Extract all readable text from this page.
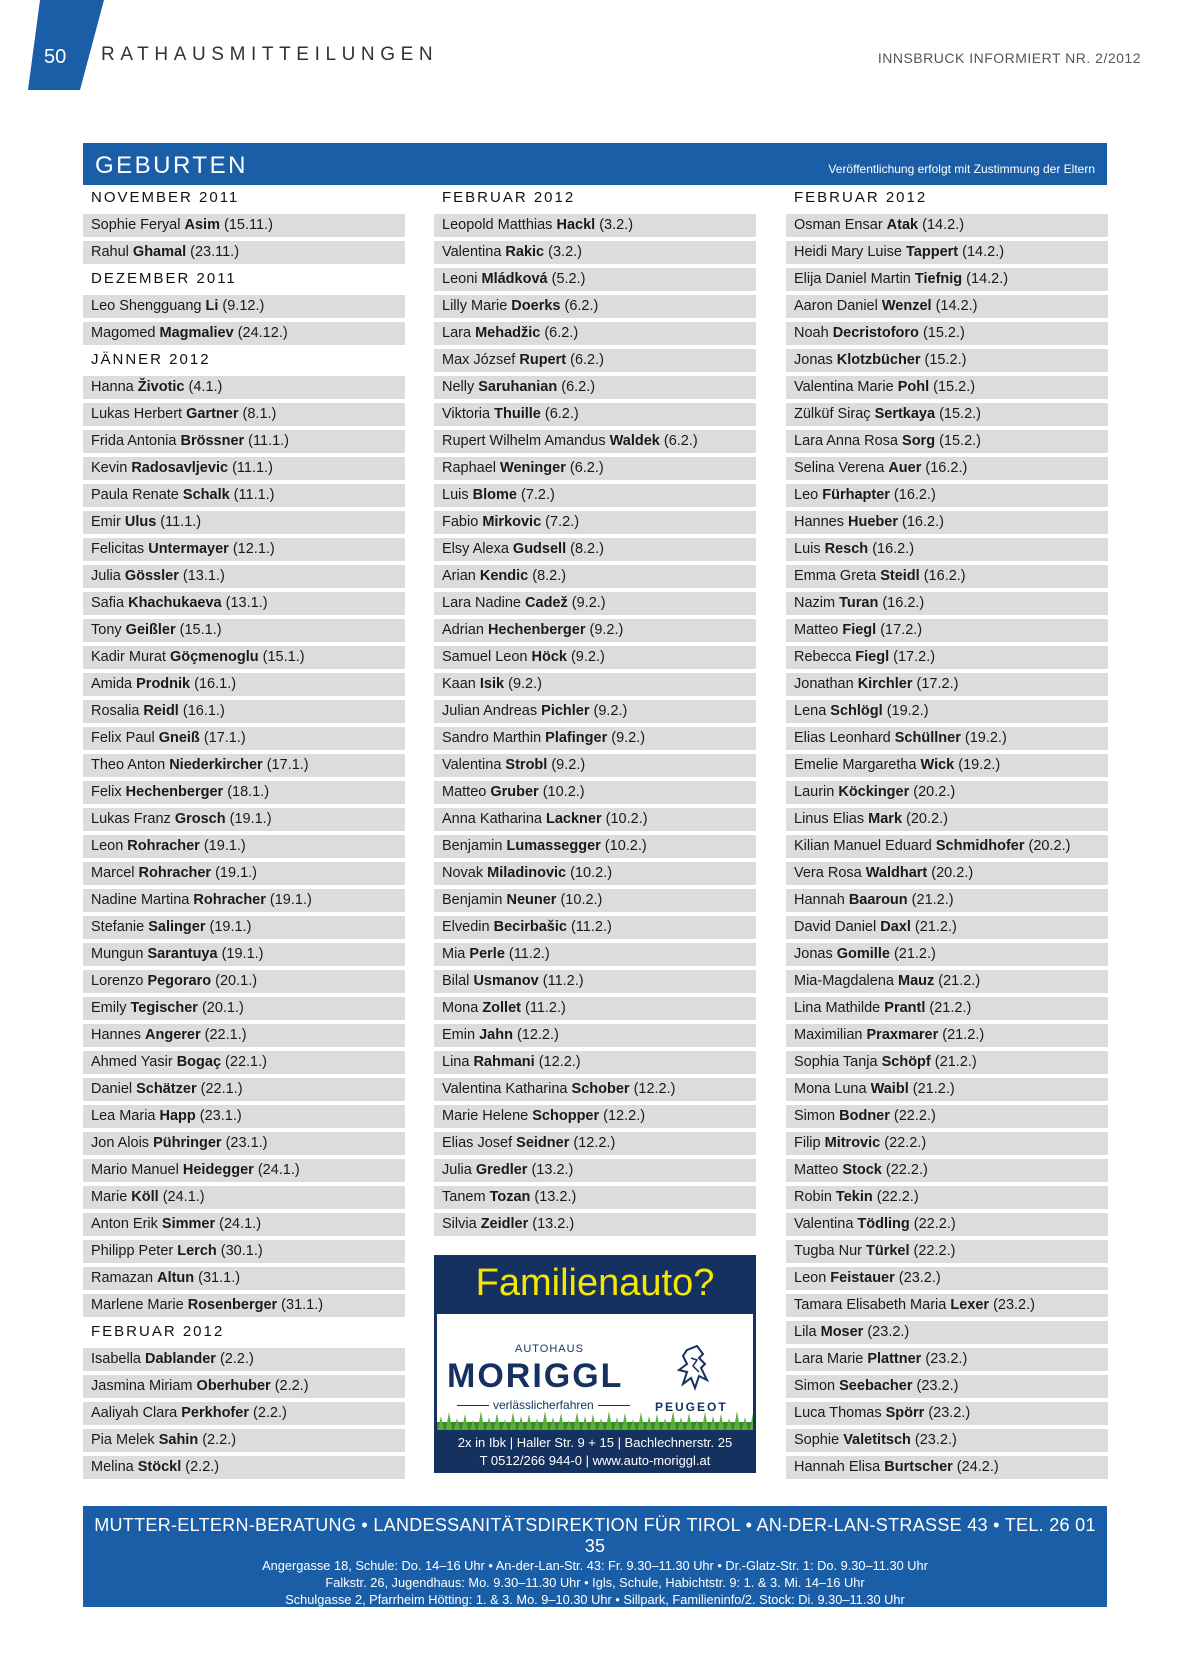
50 RATHAUSMITTEILUNGEN	INNSBRUCK INFORMIERT NR. 2/2012
GEBURTEN	Veröffentlichung erfolgt mit Zustimmung der Eltern
NOVEMBER 2011
Sophie Feryal Asim (15.11.)
Rahul Ghamal (23.11.)
DEZEMBER 2011
Leo Shengguang Li (9.12.)
Magomed Magmaliev (24.12.)
JÄNNER 2012
Hanna Životic (4.1.)
Lukas Herbert Gartner (8.1.)
Frida Antonia Brössner (11.1.)
Kevin Radosavljevic (11.1.)
Paula Renate Schalk (11.1.)
Emir Ulus (11.1.)
Felicitas Untermayer (12.1.)
Julia Gössler (13.1.)
Safia Khachukaeva (13.1.)
Tony Geißler (15.1.)
Kadir Murat Göçmenoglu (15.1.)
Amida Prodnik (16.1.)
Rosalia Reidl (16.1.)
Felix Paul Gneiß (17.1.)
Theo Anton Niederkircher (17.1.)
Felix Hechenberger (18.1.)
Lukas Franz Grosch (19.1.)
Leon Rohracher (19.1.)
Marcel Rohracher (19.1.)
Nadine Martina Rohracher (19.1.)
Stefanie Salinger (19.1.)
Mungun Sarantuya (19.1.)
Lorenzo Pegoraro (20.1.)
Emily Tegischer (20.1.)
Hannes Angerer (22.1.)
Ahmed Yasir Bogaç (22.1.)
Daniel Schätzer (22.1.)
Lea Maria Happ (23.1.)
Jon Alois Pühringer (23.1.)
Mario Manuel Heidegger (24.1.)
Marie Köll (24.1.)
Anton Erik Simmer (24.1.)
Philipp Peter Lerch (30.1.)
Ramazan Altun (31.1.)
Marlene Marie Rosenberger (31.1.)
FEBRUAR 2012
Isabella Dablander (2.2.)
Jasmina Miriam Oberhuber (2.2.)
Aaliyah Clara Perkhofer (2.2.)
Pia Melek Sahin (2.2.)
Melina Stöckl (2.2.)
FEBRUAR 2012
Leopold Matthias Hackl (3.2.)
Valentina Rakic (3.2.)
Leoni Mládková (5.2.)
Lilly Marie Doerks (6.2.)
Lara Mehadžic (6.2.)
Max József Rupert (6.2.)
Nelly Saruhanian (6.2.)
Viktoria Thuille (6.2.)
Rupert Wilhelm Amandus Waldek (6.2.)
Raphael Weninger (6.2.)
Luis Blome (7.2.)
Fabio Mirkovic (7.2.)
Elsy Alexa Gudsell (8.2.)
Arian Kendic (8.2.)
Lara Nadine Cadež (9.2.)
Adrian Hechenberger (9.2.)
Samuel Leon Höck (9.2.)
Kaan Isik (9.2.)
Julian Andreas Pichler (9.2.)
Sandro Marthin Plafinger (9.2.)
Valentina Strobl (9.2.)
Matteo Gruber (10.2.)
Anna Katharina Lackner (10.2.)
Benjamin Lumassegger (10.2.)
Novak Miladinovic (10.2.)
Benjamin Neuner (10.2.)
Elvedin Becirbašic (11.2.)
Mia Perle (11.2.)
Bilal Usmanov (11.2.)
Mona Zollet (11.2.)
Emin Jahn (12.2.)
Lina Rahmani (12.2.)
Valentina Katharina Schober (12.2.)
Marie Helene Schopper (12.2.)
Elias Josef Seidner (12.2.)
Julia Gredler (13.2.)
Tanem Tozan (13.2.)
Silvia Zeidler (13.2.)
FEBRUAR 2012
Osman Ensar Atak (14.2.)
Heidi Mary Luise Tappert (14.2.)
Elija Daniel Martin Tiefnig (14.2.)
Aaron Daniel Wenzel (14.2.)
Noah Decristoforo (15.2.)
Jonas Klotzbücher (15.2.)
Valentina Marie Pohl (15.2.)
Zülküf Siraç Sertkaya (15.2.)
Lara Anna Rosa Sorg (15.2.)
Selina Verena Auer (16.2.)
Leo Fürhapter (16.2.)
Hannes Hueber (16.2.)
Luis Resch (16.2.)
Emma Greta Steidl (16.2.)
Nazim Turan (16.2.)
Matteo Fiegl (17.2.)
Rebecca Fiegl (17.2.)
Jonathan Kirchler (17.2.)
Lena Schlögl (19.2.)
Elias Leonhard Schüllner (19.2.)
Emelie Margaretha Wick (19.2.)
Laurin Köckinger (20.2.)
Linus Elias Mark (20.2.)
Kilian Manuel Eduard Schmidhofer (20.2.)
Vera Rosa Waldhart (20.2.)
Hannah Baaroun (21.2.)
David Daniel Daxl (21.2.)
Jonas Gomille (21.2.)
Mia-Magdalena Mauz (21.2.)
Lina Mathilde Prantl (21.2.)
Maximilian Praxmarer (21.2.)
Sophia Tanja Schöpf (21.2.)
Mona Luna Waibl (21.2.)
Simon Bodner (22.2.)
Filip Mitrovic (22.2.)
Matteo Stock (22.2.)
Robin Tekin (22.2.)
Valentina Tödling (22.2.)
Tugba Nur Türkel (22.2.)
Leon Feistauer (23.2.)
Tamara Elisabeth Maria Lexer (23.2.)
Lila Moser (23.2.)
Lara Marie Plattner (23.2.)
Simon Seebacher (23.2.)
Luca Thomas Spörr (23.2.)
Sophie Valetitsch (23.2.)
Hannah Elisa Burtscher (24.2.)
Familienauto?
AUTOHAUS
MORIGGL
verlässlicherfahren	PEUGEOT
2x in Ibk | Haller Str. 9 + 15 | Bachlechnerstr. 25
T 0512/266 944-0 | www.auto-moriggl.at
MUTTER-ELTERN-BERATUNG • LANDESSANITÄTSDIREKTION FÜR TIROL • AN-DER-LAN-STRASSE 43 • TEL. 26 01 35
Angergasse 18, Schule: Do. 14–16 Uhr • An-der-Lan-Str. 43: Fr. 9.30–11.30 Uhr • Dr.-Glatz-Str. 1: Do. 9.30–11.30 Uhr
Falkstr. 26, Jugendhaus: Mo. 9.30–11.30 Uhr • Igls, Schule, Habichtstr. 9: 1. & 3. Mi. 14–16 Uhr
Schulgasse 2, Pfarrheim Hötting: 1. & 3. Mo. 9–10.30 Uhr • Sillpark, Familieninfo/2. Stock: Di. 9.30–11.30 Uhr
Technikerstr. 84, ISD-Wohnheim: Di. 9.30–11.30 Uhr • Wörndlestr. 2: Di. 14–16 Uhr
